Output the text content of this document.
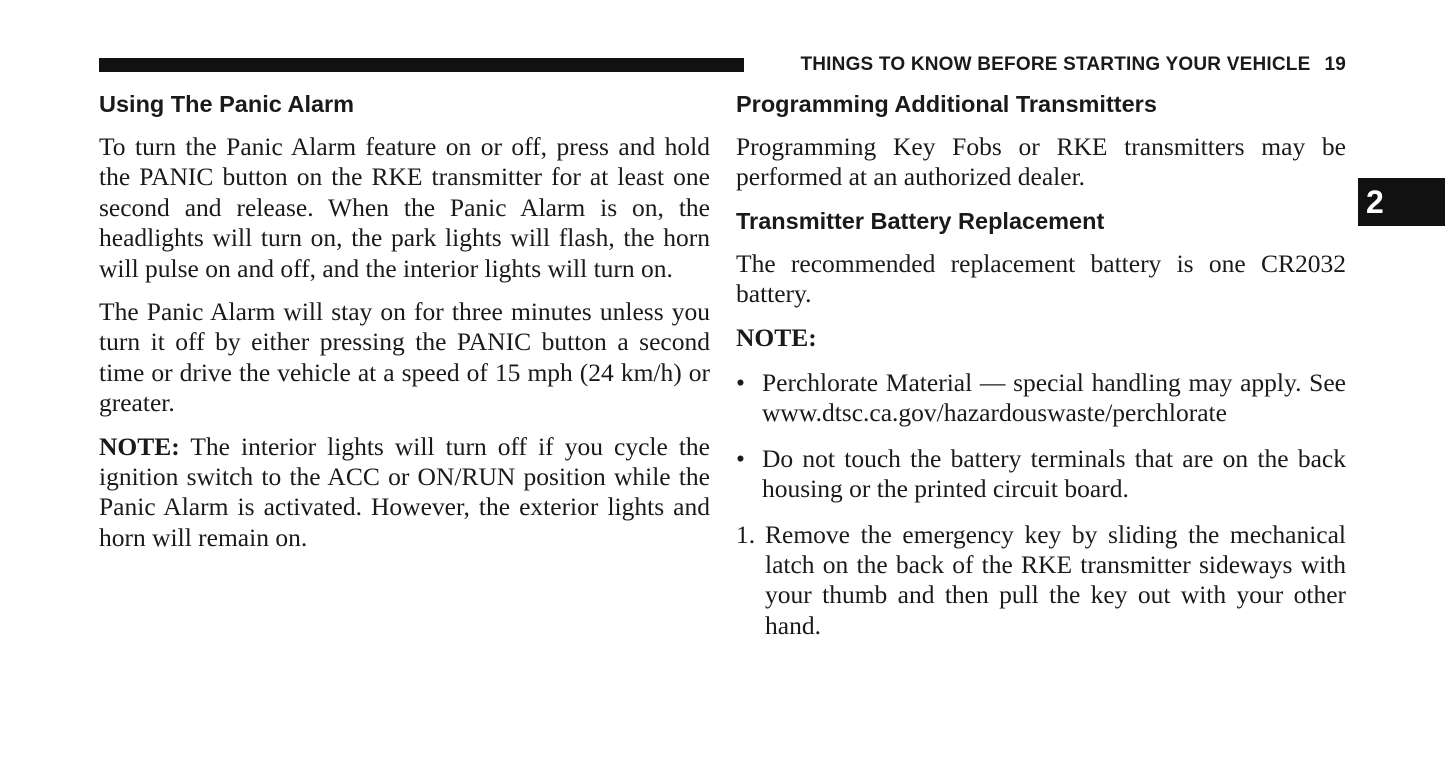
THINGS TO KNOW BEFORE STARTING YOUR VEHICLE 19
2
Using The Panic Alarm

To turn the Panic Alarm feature on or off, press and hold the PANIC button on the RKE transmitter for at least one second and release. When the Panic Alarm is on, the headlights will turn on, the park lights will flash, the horn will pulse on and off, and the interior lights will turn on.

The Panic Alarm will stay on for three minutes unless you turn it off by either pressing the PANIC button a second time or drive the vehicle at a speed of 15 mph (24 km/h) or greater.

NOTE: The interior lights will turn off if you cycle the ignition switch to the ACC or ON/RUN position while the Panic Alarm is activated. However, the exterior lights and horn will remain on.

Programming Additional Transmitters

Programming Key Fobs or RKE transmitters may be performed at an authorized dealer.

Transmitter Battery Replacement

The recommended replacement battery is one CR2032 battery.

NOTE:

• Perchlorate Material — special handling may apply. See www.dtsc.ca.gov/hazardouswaste/perchlorate
• Do not touch the battery terminals that are on the back housing or the printed circuit board.
1. Remove the emergency key by sliding the mechanical latch on the back of the RKE transmitter sideways with your thumb and then pull the key out with your other hand.
